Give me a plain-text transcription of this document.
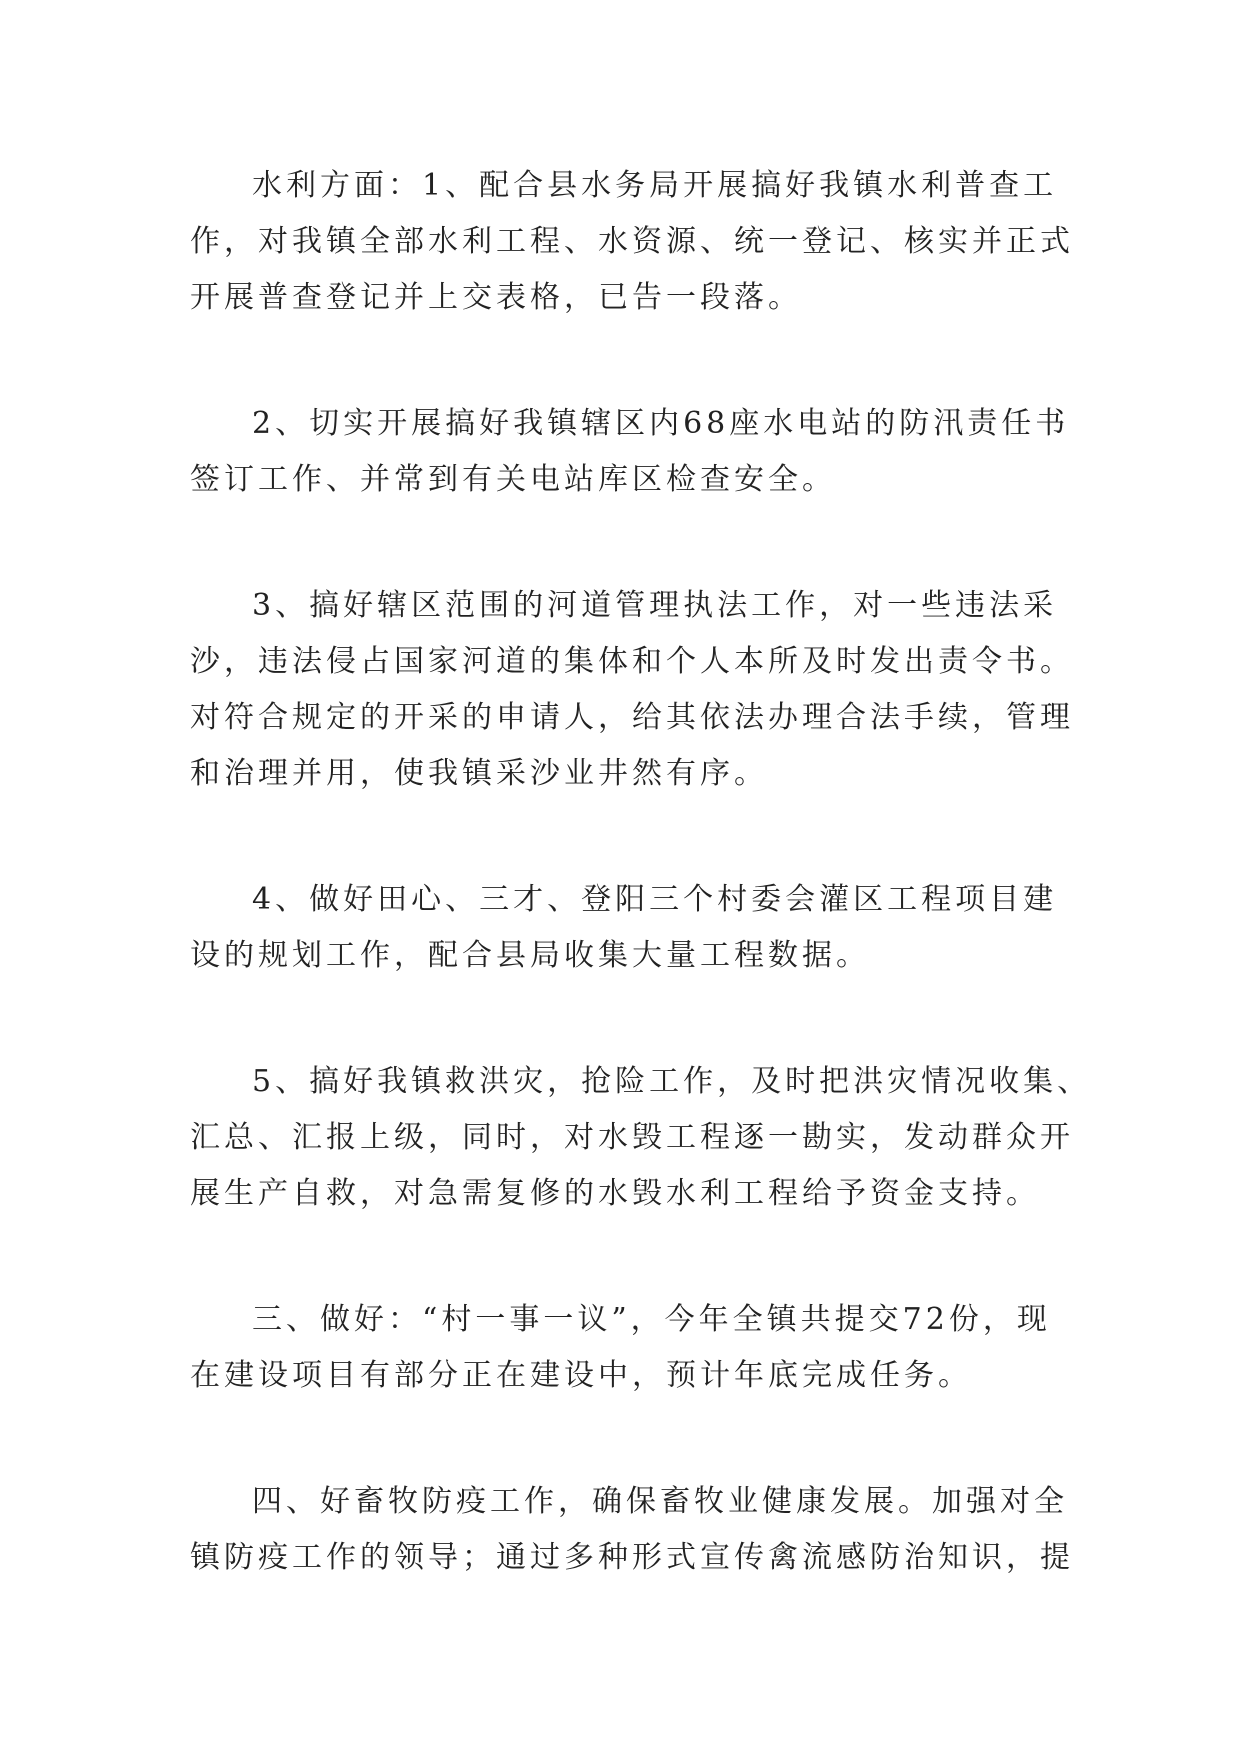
水利方面：1、配合县水务局开展搞好我镇水利普查工
作，对我镇全部水利工程、水资源、统一登记、核实并正式
开展普查登记并上交表格，已告一段落。
2、切实开展搞好我镇辖区内68座水电站的防汛责任书
签订工作、并常到有关电站库区检查安全。
3、搞好辖区范围的河道管理执法工作，对一些违法采
沙，违法侵占国家河道的集体和个人本所及时发出责令书。
对符合规定的开采的申请人，给其依法办理合法手续，管理
和治理并用，使我镇采沙业井然有序。
4、做好田心、三才、登阳三个村委会灌区工程项目建
设的规划工作，配合县局收集大量工程数据。
5、搞好我镇救洪灾，抢险工作，及时把洪灾情况收集、
汇总、汇报上级，同时，对水毁工程逐一勘实，发动群众开
展生产自救，对急需复修的水毁水利工程给予资金支持。
三、做好：“村一事一议”，今年全镇共提交72份，现
在建设项目有部分正在建设中，预计年底完成任务。
四、好畜牧防疫工作，确保畜牧业健康发展。加强对全
镇防疫工作的领导；通过多种形式宣传禽流感防治知识，提
